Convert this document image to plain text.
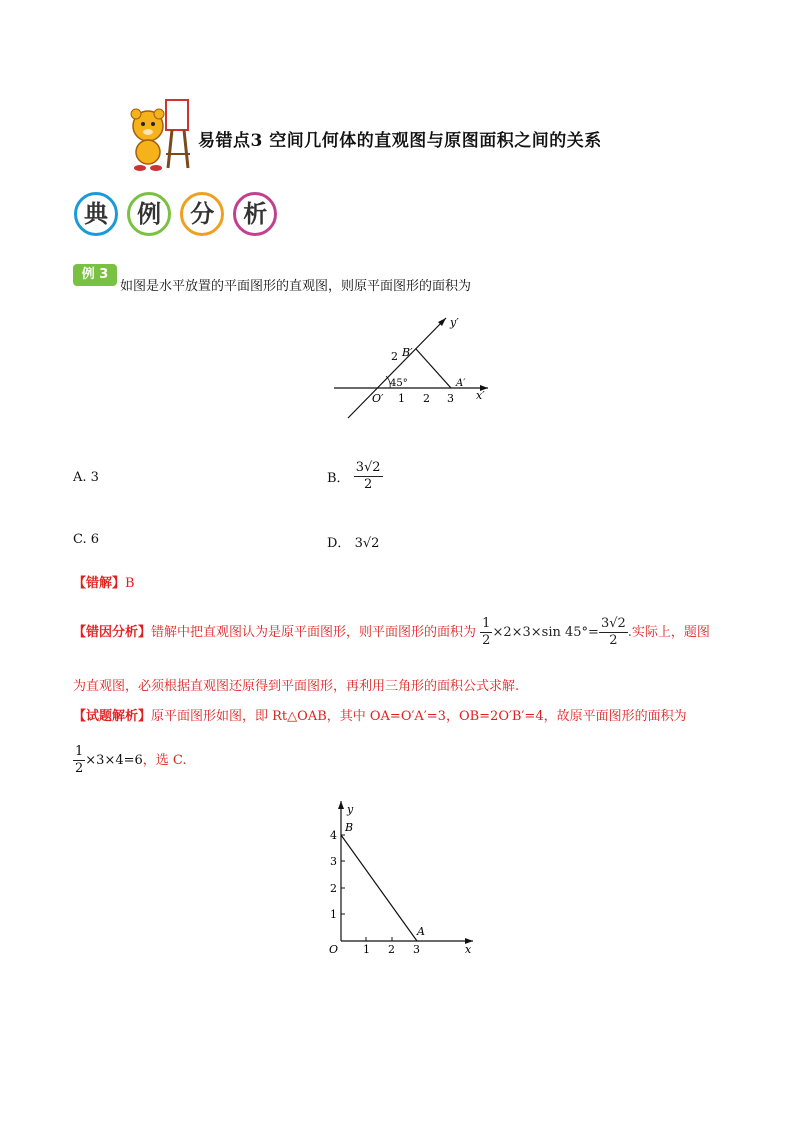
易错点3 空间几何体的直观图与原图面积之间的关系
典 例 分 析
例 3
如图是水平放置的平面图形的直观图，则原平面图形的面积为
y′
x′
O′
B′
A′
45°
2
1 2 3
A. 3	B． $\frac{3√2}{2}$
C. 6	D． 3√2
【错解】B
【错因分析】错解中把直观图认为是原平面图形，则平面图形的面积为 $\frac{1}{2} \times 2\times 3\times\sin$ $45^\circ= \frac{3√2}{2}$ .实际上，题图
为直观图，必须根据直观图还原得到平面图形，再利用三角形的面积公式求解.
【试题解析】原平面图形如图，即 Rt△OAB，其中 OA=O′A′=3，OB=2O′B′=4，故原平面图形的面积为
$\frac{1}{2} \times 3\times 4=6$，选 C.
y
x
O
B
A
1 2 3
1
2
3
4
